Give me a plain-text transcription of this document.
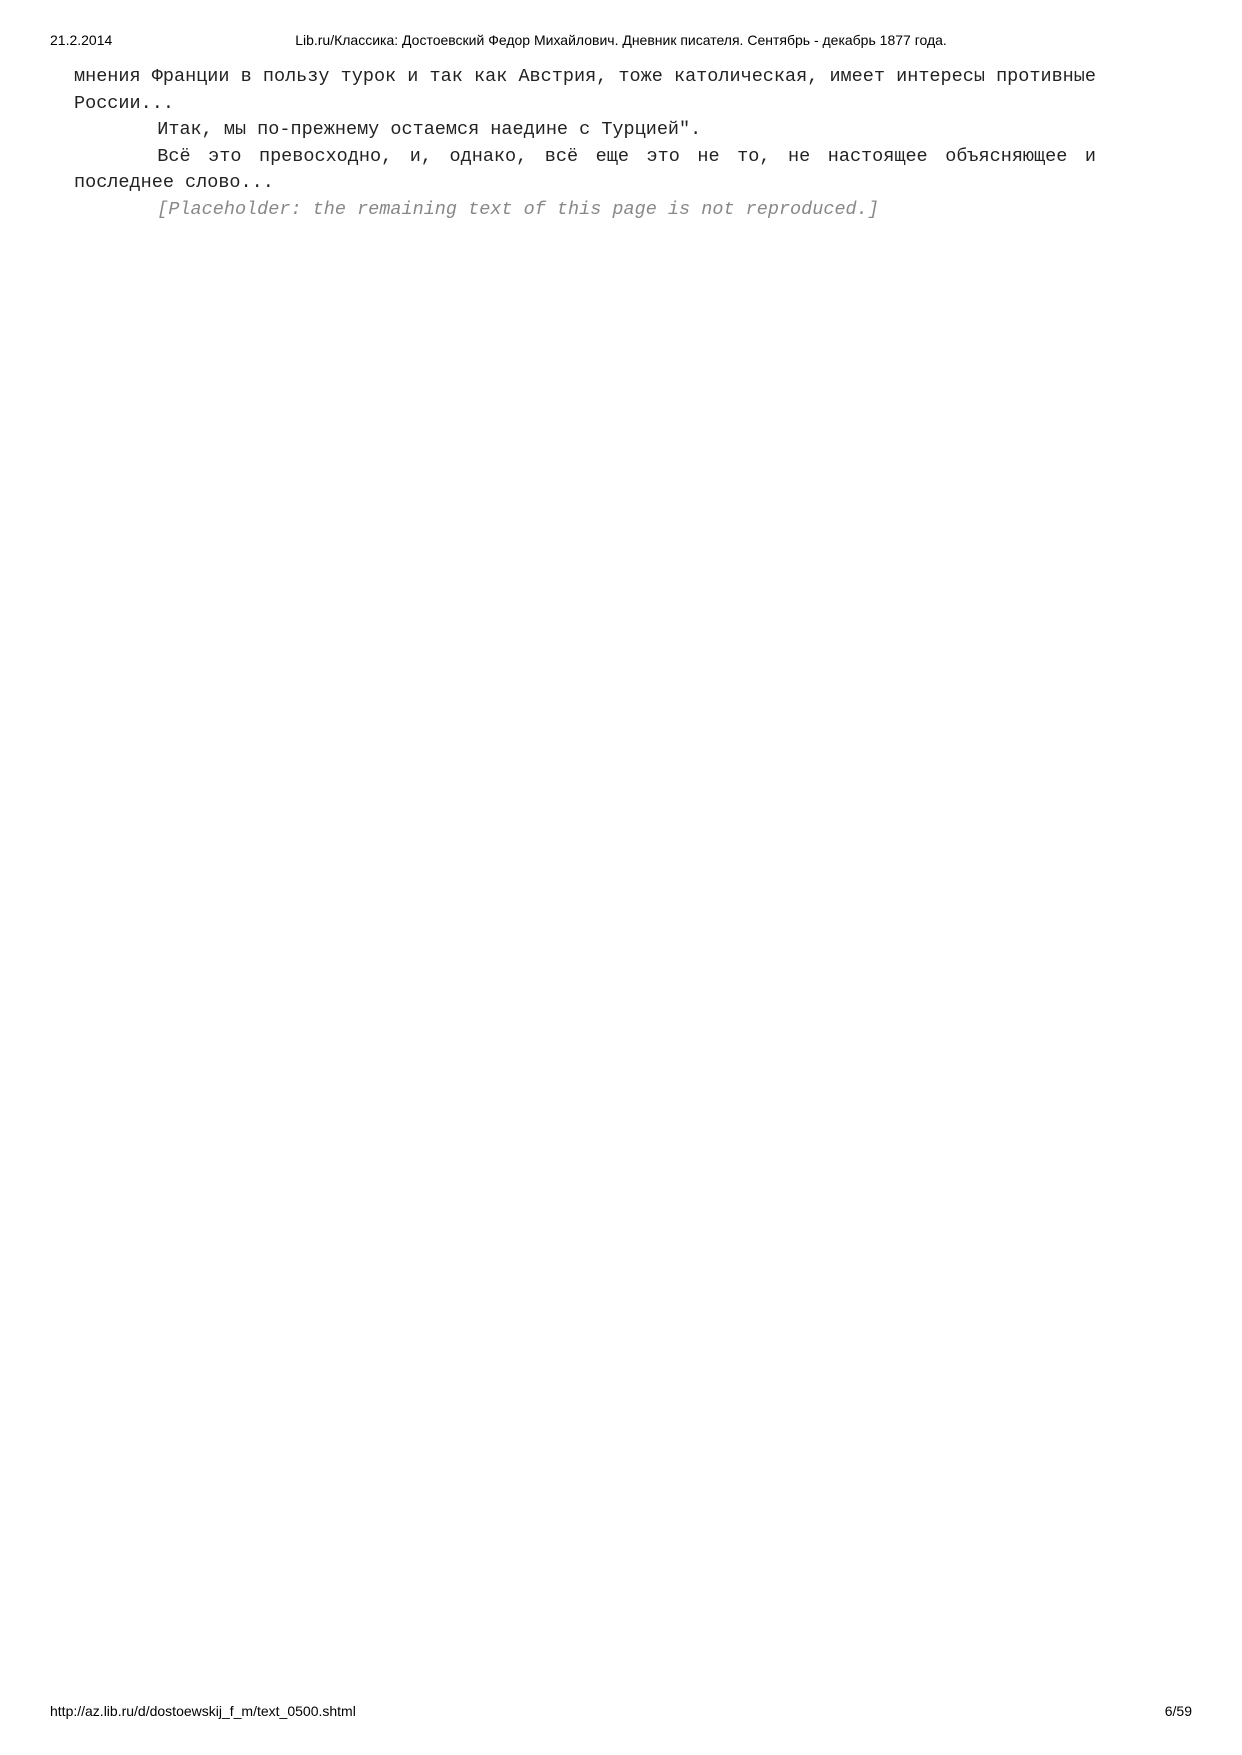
21.2.2014	Lib.ru/Классика: Достоевский Федор Михайлович. Дневник писателя. Сентябрь - декабрь 1877 года.

мнения Франции в пользу турок и так как Австрия, тоже католическая, имеет интересы противные России...

Итак, мы по-прежнему остаемся наедине с Турцией".

Всё это превосходно, и, однако, всё еще это не то, не настоящее объясняющее и последнее слово...

[Placeholder: the remaining text of this page is not reproduced.]

http://az.lib.ru/d/dostoewskij_f_m/text_0500.shtml	6/59
